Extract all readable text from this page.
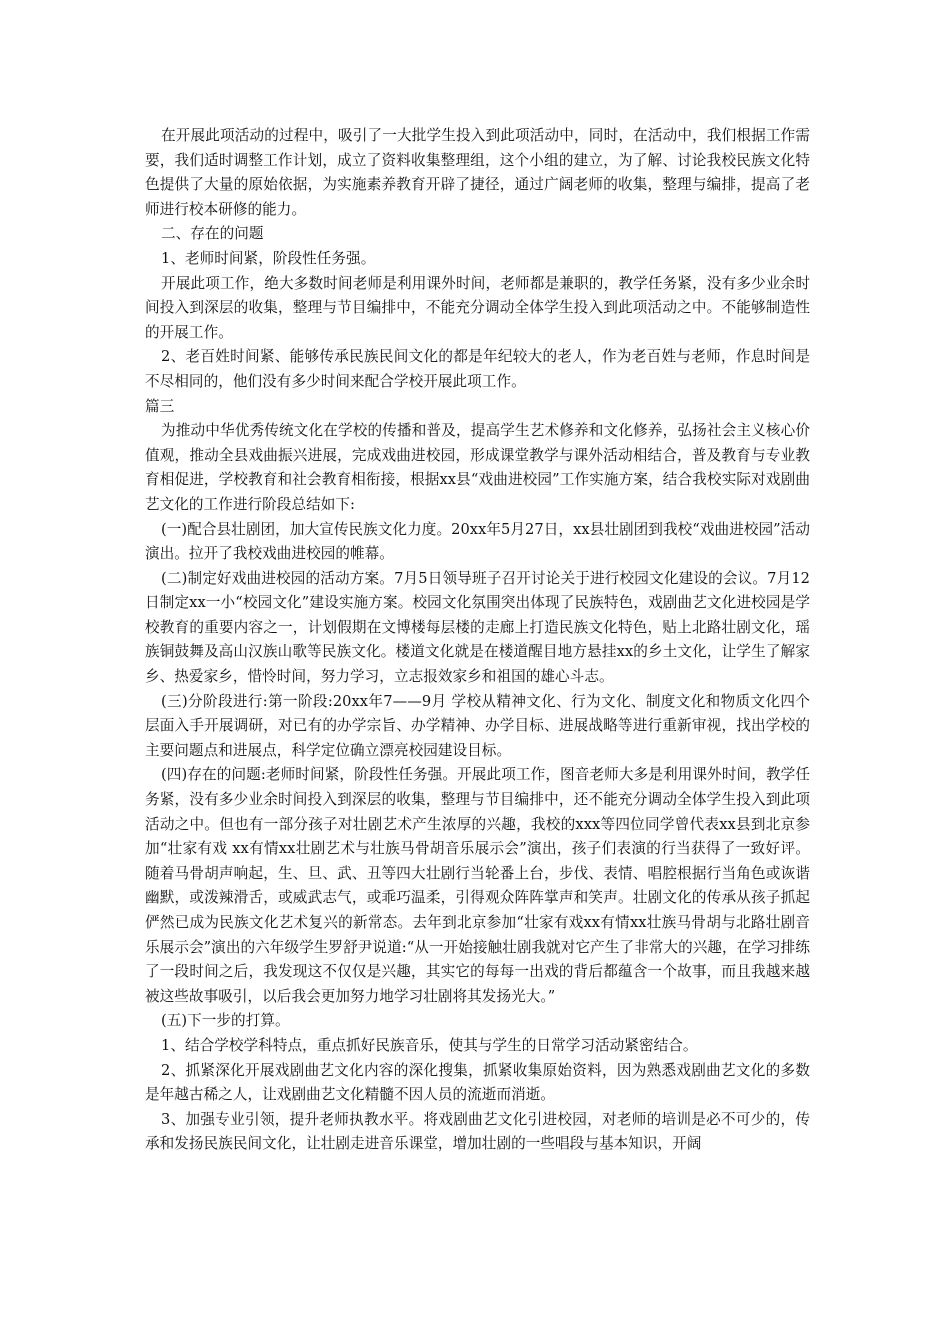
在开展此项活动的过程中，吸引了一大批学生投入到此项活动中，同时，在活动中，我们根据工作需要，我们适时调整工作计划，成立了资料收集整理组，这个小组的建立，为了解、讨论我校民族文化特色提供了大量的原始依据，为实施素养教育开辟了捷径，通过广阔老师的收集，整理与编排，提高了老师进行校本研修的能力。

二、存在的问题

1、老师时间紧，阶段性任务强。

开展此项工作，绝大多数时间老师是利用课外时间，老师都是兼职的，教学任务紧，没有多少业余时间投入到深层的收集，整理与节目编排中，不能充分调动全体学生投入到此项活动之中。不能够制造性的开展工作。

2、老百姓时间紧、能够传承民族民间文化的都是年纪较大的老人，作为老百姓与老师，作息时间是不尽相同的，他们没有多少时间来配合学校开展此项工作。

篇三

为推动中华优秀传统文化在学校的传播和普及，提高学生艺术修养和文化修养，弘扬社会主义核心价值观，推动全县戏曲振兴进展，完成戏曲进校园，形成课堂教学与课外活动相结合，普及教育与专业教育相促进，学校教育和社会教育相衔接，根据xx县“戏曲进校园”工作实施方案，结合我校实际对戏剧曲艺文化的工作进行阶段总结如下:

(一)配合县壮剧团，加大宣传民族文化力度。20xx年5月27日，xx县壮剧团到我校“戏曲进校园”活动演出。拉开了我校戏曲进校园的帷幕。

(二)制定好戏曲进校园的活动方案。7月5日领导班子召开讨论关于进行校园文化建设的会议。7月12日制定xx一小“校园文化”建设实施方案。校园文化氛围突出体现了民族特色，戏剧曲艺文化进校园是学校教育的重要内容之一，计划假期在文博楼每层楼的走廊上打造民族文化特色，贴上北路壮剧文化，瑶族铜鼓舞及高山汉族山歌等民族文化。楼道文化就是在楼道醒目地方悬挂xx的乡土文化，让学生了解家乡、热爱家乡，惜怜时间，努力学习，立志报效家乡和祖国的雄心斗志。

(三)分阶段进行:第一阶段:20xx年7——9月 学校从精神文化、行为文化、制度文化和物质文化四个层面入手开展调研，对已有的办学宗旨、办学精神、办学目标、进展战略等进行重新审视，找出学校的主要问题点和进展点，科学定位确立漂亮校园建设目标。

(四)存在的问题:老师时间紧，阶段性任务强。开展此项工作，图音老师大多是利用课外时间，教学任务紧，没有多少业余时间投入到深层的收集，整理与节目编排中，还不能充分调动全体学生投入到此项活动之中。但也有一部分孩子对壮剧艺术产生浓厚的兴趣，我校的xxx等四位同学曾代表xx县到北京参加“壮家有戏 xx有情xx壮剧艺术与壮族马骨胡音乐展示会”演出，孩子们表演的行当获得了一致好评。随着马骨胡声响起，生、旦、武、丑等四大壮剧行当轮番上台，步伐、表情、唱腔根据行当角色或诙谐幽默，或泼辣滑舌，或威武志气，或乖巧温柔，引得观众阵阵掌声和笑声。壮剧文化的传承从孩子抓起俨然已成为民族文化艺术复兴的新常态。去年到北京参加“壮家有戏xx有情xx壮族马骨胡与北路壮剧音乐展示会”演出的六年级学生罗舒尹说道:“从一开始接触壮剧我就对它产生了非常大的兴趣，在学习排练了一段时间之后，我发现这不仅仅是兴趣，其实它的每每一出戏的背后都蕴含一个故事，而且我越来越被这些故事吸引，以后我会更加努力地学习壮剧将其发扬光大。”

(五)下一步的打算。

1、结合学校学科特点，重点抓好民族音乐，使其与学生的日常学习活动紧密结合。

2、抓紧深化开展戏剧曲艺文化内容的深化搜集，抓紧收集原始资料，因为熟悉戏剧曲艺文化的多数是年越古稀之人，让戏剧曲艺文化精髓不因人员的流逝而消逝。

3、加强专业引领，提升老师执教水平。将戏剧曲艺文化引进校园，对老师的培训是必不可少的，传承和发扬民族民间文化，让壮剧走进音乐课堂，增加壮剧的一些唱段与基本知识，开阔
